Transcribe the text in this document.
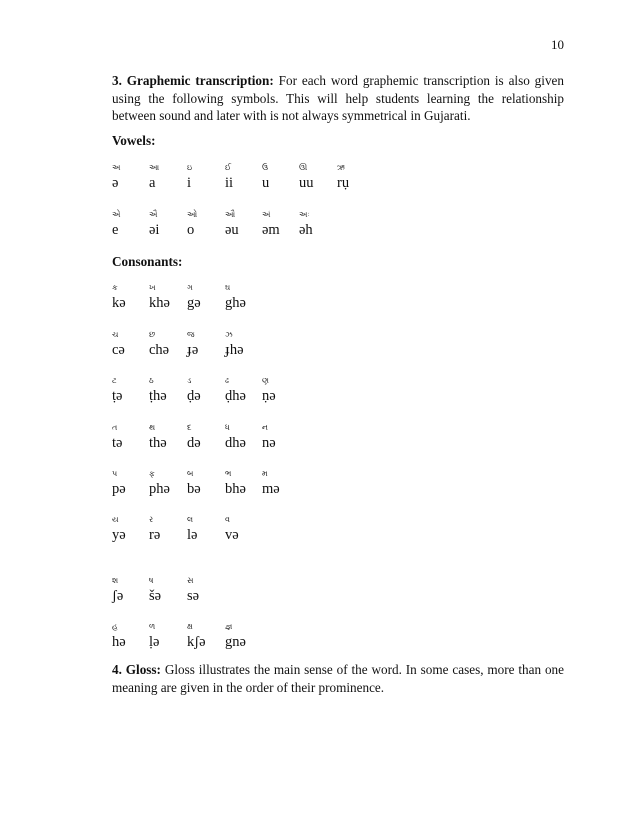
10

3. Graphemic transcription: For each word graphemic transcription is also given using the following symbols. This will help students learning the relationship between sound and later with is not always symmetrical in Gujarati.

Vowels:
અ
ə
આ
a
ઇ
i
ઈ
ii
ઉ
u
ઊ
uu
ઋ
rụ
એ
e
ઐ
əi
ઓ
o
ઔ
əu
અં
əm
અઃ
əh
Consonants:
ક
kə
ખ
khə
ગ
gə
ઘ
ghə
ચ
cə
છ
chə
જ
ɟə
ઝ
ɟhə
ટ
ṭə
ઠ
ṭhə
ડ
ḍə
ઢ
ḍhə
ણ
ṇə
ત
tə
થ
thə
દ
də
ધ
dhə
ન
nə
પ
pə
ફ
phə
બ
bə
ભ
bhə
મ
mə
ય
yə
ર
rə
લ
lə
વ
və
શ
ʃə
ષ
šə
સ
sə
હ
hə
ળ
ḷə
ક્ષ
kʃə
જ્ઞ
gnə

4. Gloss: Gloss illustrates the main sense of the word. In some cases, more than one meaning are given in the order of their prominence.
